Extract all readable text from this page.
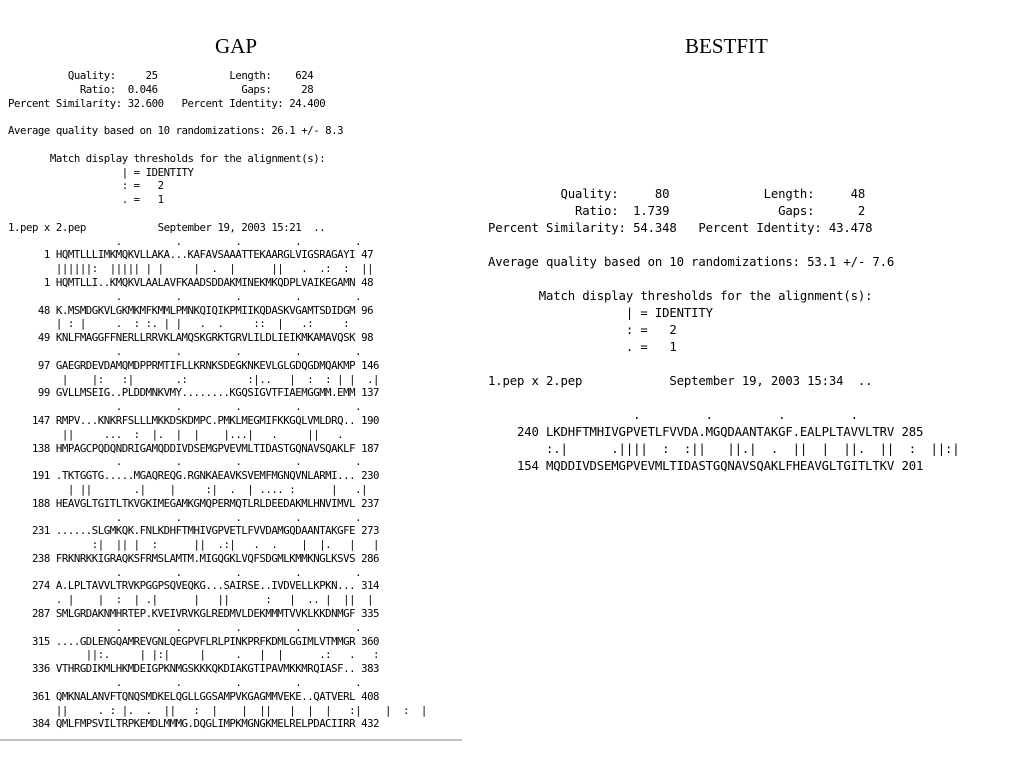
GAP	BESTFIT
Quality:     25            Length:    624
Ratio:  0.046              Gaps:     28
Percent Similarity: 32.600   Percent Identity: 24.400

Average quality based on 10 randomizations: 26.1 +/- 8.3

Match display thresholds for the alignment(s):
| = IDENTITY
: =   2
. =   1

1.pep x 2.pep            September 19, 2003 15:21  ..
.         .         .         .         .
1 HQMTLLLIMKMQKVLLAKA...KAFAVSAAATTEKAARGLVIGSRAGAYI 47
||||||:  ||||| | |     |  .  |      ||   .  .:  :  ||
1 HQMTLLI..KMQKVLAALAVFKAADSDDAKMINEKMKQDPLVAIKEGAMN 48
.         .         .         .         .
48 K.MSMDGKVLGKMKMFKMMLPMNKQIQIKPMIIKQDASKVGAMTSDIDGM 96
| : |     .  : :. | |   .  .     ::  |   .:     :
49 KNLFMAGGFFNERLLRRVKLAMQSKGRKTGRVLILDLIEIKMKAMAVQSK 98
.         .         .         .         .
97 GAEGRDEVDAMQMDPPRMTIFLLKRNKSDEGKNKEVLGLGDQGDMQAKMP 146
|    |:   :|       .:          :|..   |  :  : | |  .|
99 GVLLMSEIG..PLDDMNKVMY........KGQSIGVTFIAEMGGMM.EMM 137
.         .         .         .         .
147 RMPV...KNKRFSLLLMKKDSKDMPC.PMKLMEGMIFKKGQLVMLDRQ.. 190
||     ...  :  |.  |  |    |...|   .     ||   .
138 HMPAGCPQDQNDRIGAMQDDIVDSEMGPVEVMLTIDASTGQNAVSQAKLF 187
.         .         .         .         .
191 .TKTGGTG.....MGAQREQG.RGNKAEAVKSVEMFMGNQVNLARMI... 230
| ||       .|    |     :|  .  | .... :      |   .|
188 HEAVGLTGITLTKVGKIMEGAMKGMQPERMQTLRLDEEDAKMLHNVIMVL 237
.         .         .         .         .
231 ......SLGMKQK.FNLKDHFTMHIVGPVETLFVVDAMGQDAANTAKGFE 273
:|  || |  :      ||  .:|   .  .    |  |.   |   |
238 FRKNRKKIGRAQKSFRMSLAMTM.MIGQGKLVQFSDGMLKMMKNGLKSVS 286
.         .         .         .         .
274 A.LPLTAVVLTRVKPGGPSQVEQKG...SAIRSE..IVDVELLKPKN... 314
. |    |  :  | .|      |   ||      :   |  .. |  ||  |
287 SMLGRDAKNMHRTEP.KVEIVRVKGLREDMVLDEKMMMTVVKLKKDNMGF 335
.         .         .         .         .
315 ....GDLENGQAMREVGNLQEGPVFLRLPINKPRFKDMLGGIMLVTMMGR 360
||:.     | |:|     |     .   |  |      .:   .   :
336 VTHRGDIKMLHKMDEIGPKNMGSKKKQKDIAKGTIPAVMKKMRQIASF.. 383
.         .         .         .         .
361 QMKNALANVFTQNQSMDKELQGLLGGSAMPVKGAGMMVEKE..QATVERL 408
||     . : |.  .  ||   :  |    |  ||   |  |  |   :|    |  :  |
384 QMLFMPSVILTRPKEMDLMMMG.DQGLIMPKMGNGKMELRELPDACIIRR 432
Quality:     80             Length:     48
Ratio:  1.739               Gaps:      2
Percent Similarity: 54.348   Percent Identity: 43.478

Average quality based on 10 randomizations: 53.1 +/- 7.6

Match display thresholds for the alignment(s):
| = IDENTITY
: =   2
. =   1

1.pep x 2.pep            September 19, 2003 15:34  ..

.         .         .         .
240 LKDHFTMHIVGPVETLFVVDA.MGQDAANTAKGF.EALPLTAVVLTRV 285
:.|      .||||  :  :||   ||.|  .  ||  |  ||.  ||  :  ||:|
154 MQDDIVDSEMGPVEVMLTIDASTGQNAVSQAKLFHEAVGLTGITLTKV 201
